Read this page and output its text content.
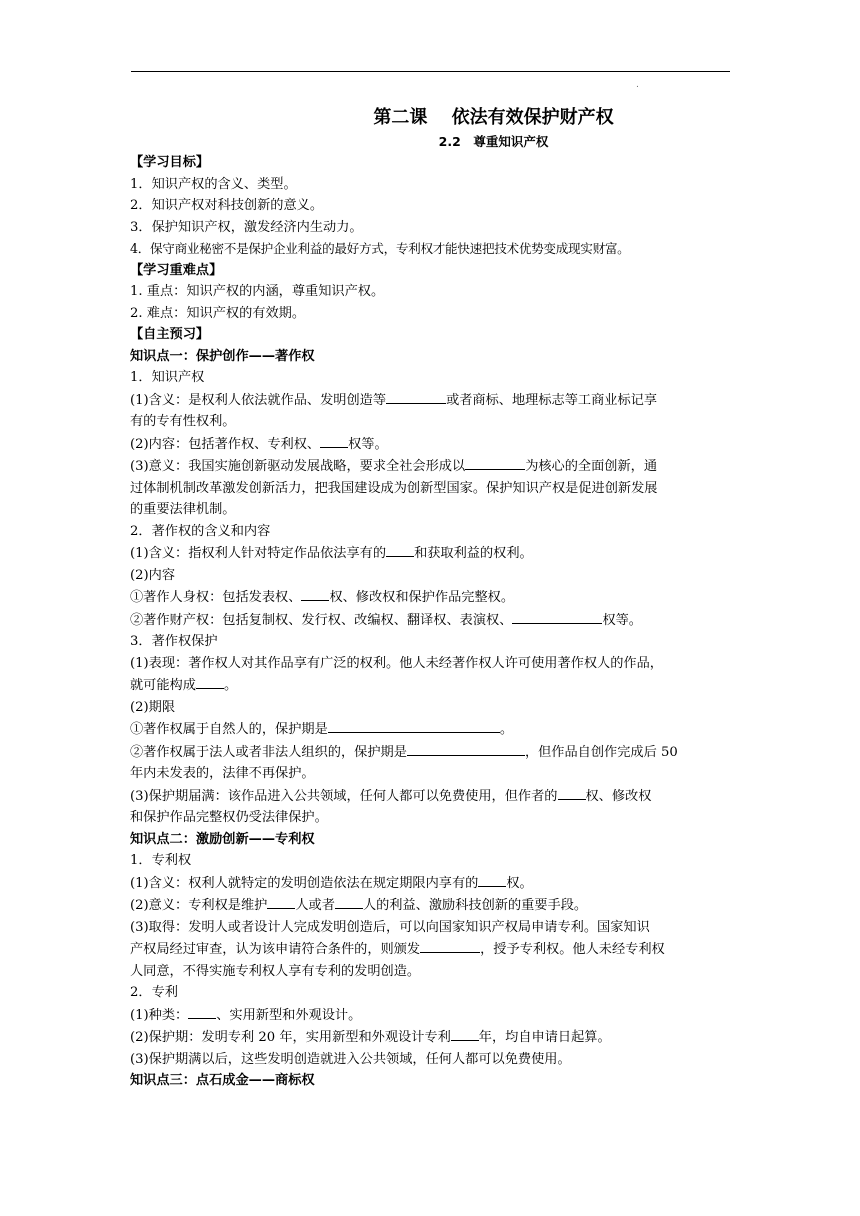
.
第二课　 依法有效保护财产权
2.2　尊重知识产权
【学习目标】
1．知识产权的含义、类型。
2．知识产权对科技创新的意义。
3．保护知识产权，激发经济内生动力。
4．保守商业秘密不是保护企业利益的最好方式，专利权才能快速把技术优势变成现实财富。
【学习重难点】
1. 重点：知识产权的内涵，尊重知识产权。
2. 难点：知识产权的有效期。
【自主预习】
知识点一：保护创作——著作权
1．知识产权
(1)含义：是权利人依法就作品、发明创造等	或者商标、地理标志等工商业标记享
有的专有性权利。
(2)内容：包括著作权、专利权、 权等。
(3)意义：我国实施创新驱动发展战略，要求全社会形成以	为核心的全面创新，通
过体制机制改革激发创新活力，把我国建设成为创新型国家。保护知识产权是促进创新发展
的重要法律机制。
2．著作权的含义和内容
(1)含义：指权利人针对特定作品依法享有的 和获取利益的权利。
(2)内容
①著作人身权：包括发表权、 权、修改权和保护作品完整权。
②著作财产权：包括复制权、发行权、改编权、翻译权、表演权、	权等。
3．著作权保护
(1)表现：著作权人对其作品享有广泛的权利。他人未经著作权人许可使用著作权人的作品，
就可能构成 。
(2)期限
①著作权属于自然人的，保护期是	。
②著作权属于法人或者非法人组织的，保护期是	，但作品自创作完成后 50
年内未发表的，法律不再保护。
(3)保护期届满：该作品进入公共领域，任何人都可以免费使用，但作者的 权、修改权
和保护作品完整权仍受法律保护。
知识点二：激励创新——专利权
1．专利权
(1)含义：权利人就特定的发明创造依法在规定期限内享有的 权。
(2)意义：专利权是维护 人或者 人的利益、激励科技创新的重要手段。
(3)取得：发明人或者设计人完成发明创造后，可以向国家知识产权局申请专利。国家知识
产权局经过审查，认为该申请符合条件的，则颁发	，授予专利权。他人未经专利权
人同意，不得实施专利权人享有专利的发明创造。
2．专利
(1)种类： 、实用新型和外观设计。
(2)保护期：发明专利 20 年，实用新型和外观设计专利 年，均自申请日起算。
(3)保护期满以后，这些发明创造就进入公共领域，任何人都可以免费使用。
知识点三：点石成金——商标权
